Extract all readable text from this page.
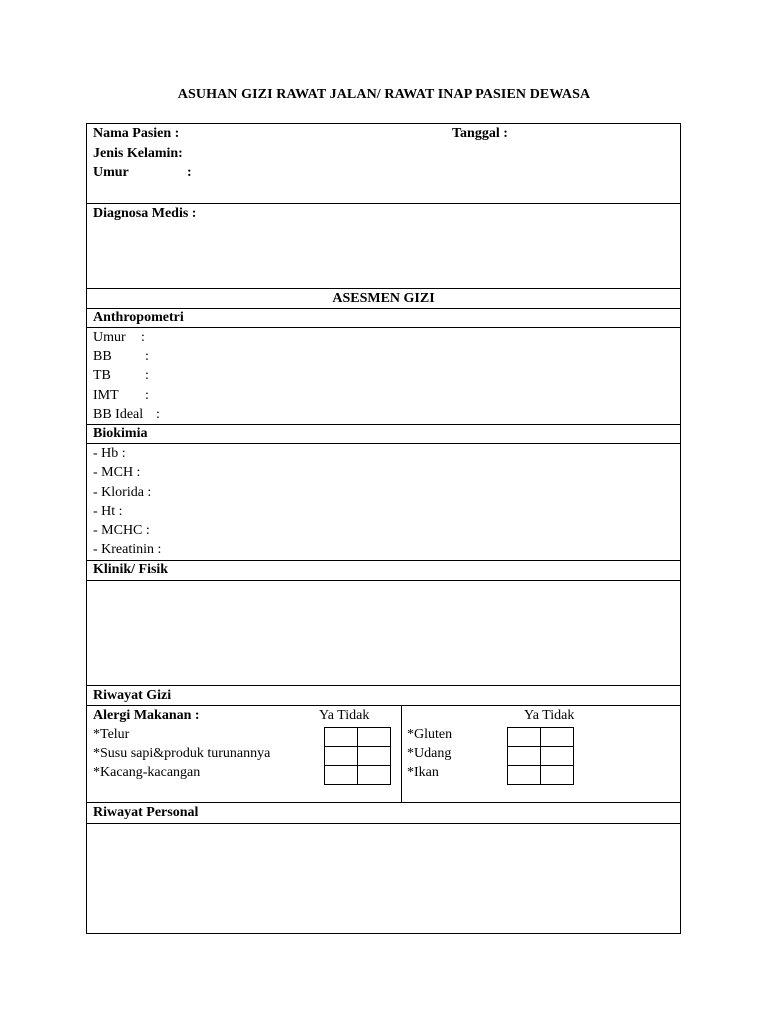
ASUHAN GIZI RAWAT JALAN/ RAWAT INAP PASIEN DEWASA
Nama Pasien :	Tanggal :
Jenis Kelamin:
Umur	:
Diagnosa Medis :
ASESMEN GIZI
Anthropometri
Umur :
BB :
TB :
IMT :
BB Ideal :
Biokimia
- Hb :
- MCH :
- Klorida :
- Ht :
- MCHC :
- Kreatinin :
Klinik/ Fisik
Riwayat Gizi
Alergi Makanan :	Ya Tidak
*Telur
*Susu sapi&produk turunannya
*Kacang-kacangan

Ya Tidak
*Gluten
*Udang
*Ikan

Riwayat Personal
